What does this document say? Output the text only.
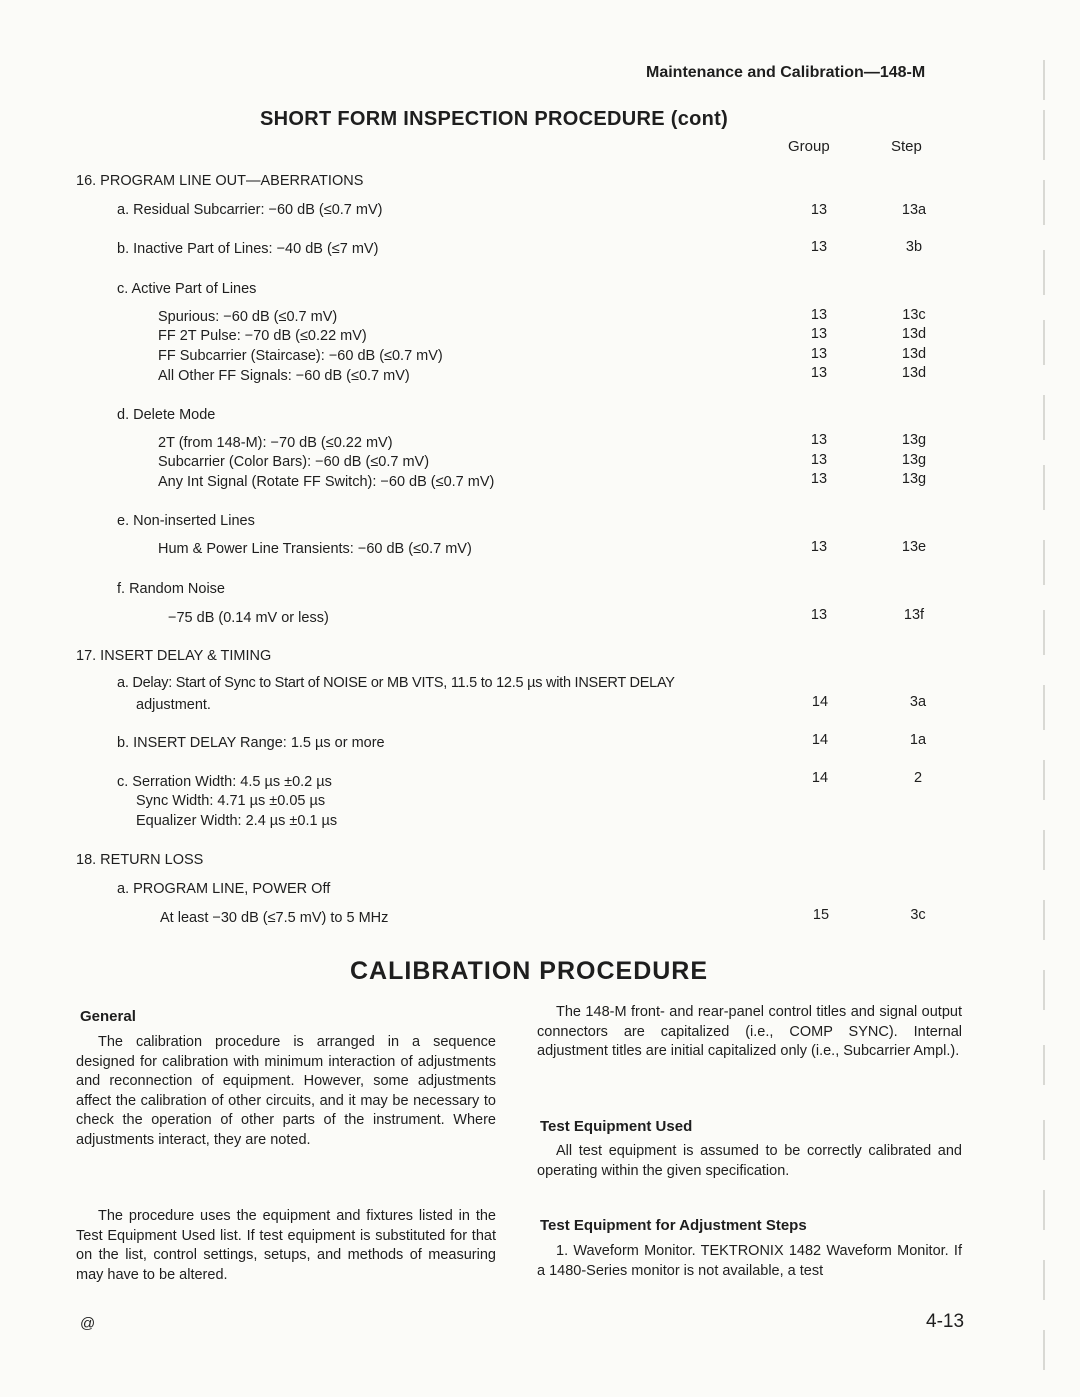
Maintenance and Calibration—148-M
SHORT FORM INSPECTION PROCEDURE (cont)
Group	Step
16. PROGRAM LINE OUT—ABERRATIONS
a. Residual Subcarrier: −60 dB (≤0.7 mV)	13	13a
b. Inactive Part of Lines: −40 dB (≤7 mV)	13	3b
c. Active Part of Lines
Spurious: −60 dB (≤0.7 mV)	13	13c
FF 2T Pulse: −70 dB (≤0.22 mV)	13	13d
FF Subcarrier (Staircase): −60 dB (≤0.7 mV)	13	13d
All Other FF Signals: −60 dB (≤0.7 mV)	13	13d
d. Delete Mode
2T (from 148-M): −70 dB (≤0.22 mV)	13	13g
Subcarrier (Color Bars): −60 dB (≤0.7 mV)	13	13g
Any Int Signal (Rotate FF Switch): −60 dB (≤0.7 mV)	13	13g
e. Non-inserted Lines
Hum & Power Line Transients: −60 dB (≤0.7 mV)	13	13e
f. Random Noise
−75 dB (0.14 mV or less)	13	13f
17. INSERT DELAY & TIMING
a. Delay: Start of Sync to Start of NOISE or MB VITS, 11.5 to 12.5 µs with INSERT DELAY
adjustment.	14	3a
b. INSERT DELAY Range: 1.5 µs or more	14	1a
c. Serration Width: 4.5 µs ±0.2 µs	14	2
Sync Width: 4.71 µs ±0.05 µs
Equalizer Width: 2.4 µs ±0.1 µs
18. RETURN LOSS
a. PROGRAM LINE, POWER Off
At least −30 dB (≤7.5 mV) to 5 MHz	15	3c
CALIBRATION PROCEDURE
General
The calibration procedure is arranged in a sequence designed for calibration with minimum interaction of adjustments and reconnection of equipment. However, some adjustments affect the calibration of other circuits, and it may be necessary to check the operation of other parts of the instrument. Where adjustments interact, they are noted.
The procedure uses the equipment and fixtures listed in the Test Equipment Used list. If test equipment is substituted for that on the list, control settings, setups, and methods of measuring may have to be altered.
The 148-M front- and rear-panel control titles and signal output connectors are capitalized (i.e., COMP SYNC). Internal adjustment titles are initial capitalized only (i.e., Subcarrier Ampl.).
Test Equipment Used
All test equipment is assumed to be correctly calibrated and operating within the given specification.
Test Equipment for Adjustment Steps
1. Waveform Monitor. TEKTRONIX 1482 Waveform Monitor. If a 1480-Series monitor is not available, a test
@	4-13
